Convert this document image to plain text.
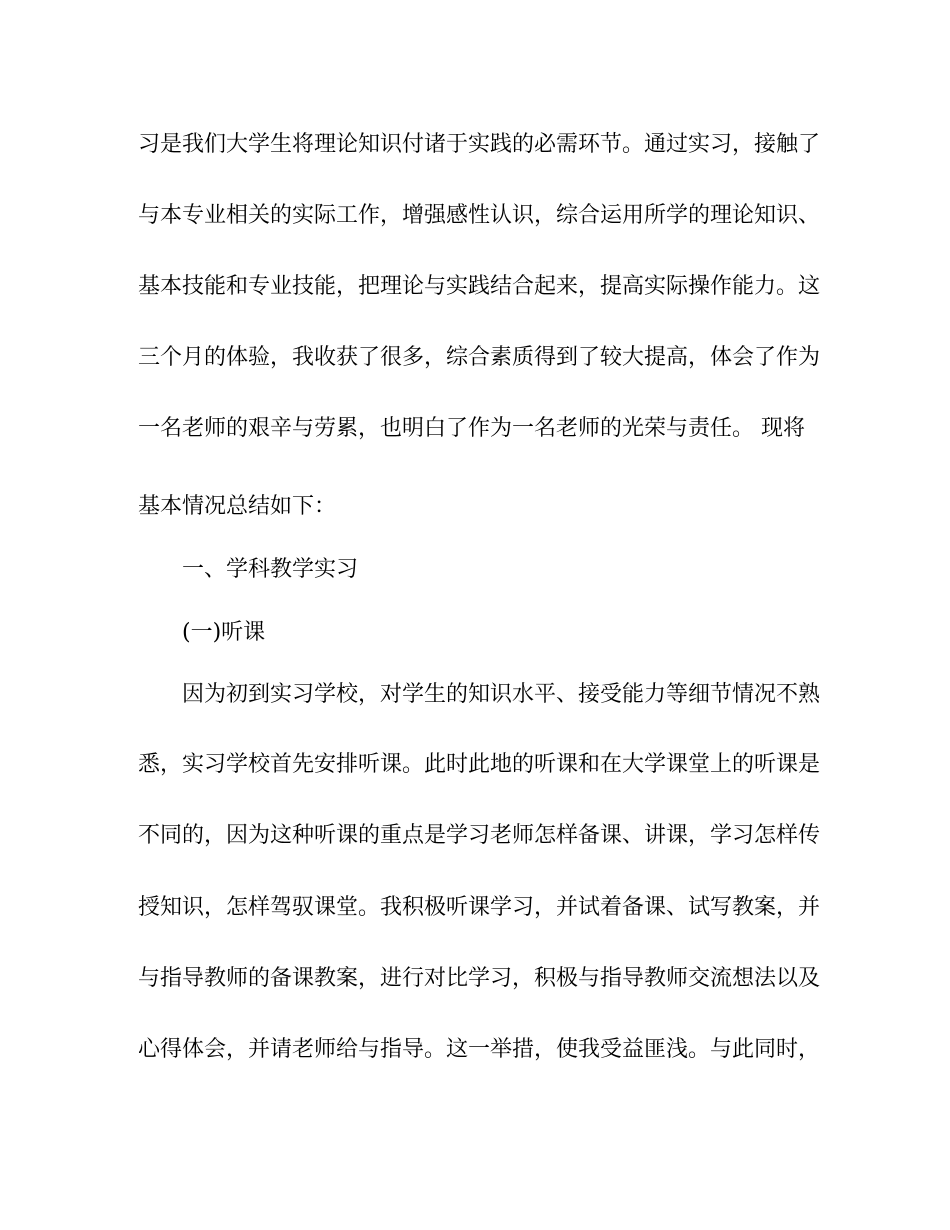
习是我们大学生将理论知识付诸于实践的必需环节。通过实习，接触了
与本专业相关的实际工作，增强感性认识，综合运用所学的理论知识、
基本技能和专业技能，把理论与实践结合起来，提高实际操作能力。这
三个月的体验，我收获了很多，综合素质得到了较大提高，体会了作为
一名老师的艰辛与劳累，也明白了作为一名老师的光荣与责任。 现将
基本情况总结如下：
一、学科教学实习
(一)听课
因为初到实习学校，对学生的知识水平、接受能力等细节情况不熟
悉，实习学校首先安排听课。此时此地的听课和在大学课堂上的听课是
不同的，因为这种听课的重点是学习老师怎样备课、讲课，学习怎样传
授知识，怎样驾驭课堂。我积极听课学习，并试着备课、试写教案，并
与指导教师的备课教案，进行对比学习，积极与指导教师交流想法以及
心得体会，并请老师给与指导。这一举措，使我受益匪浅。与此同时，
